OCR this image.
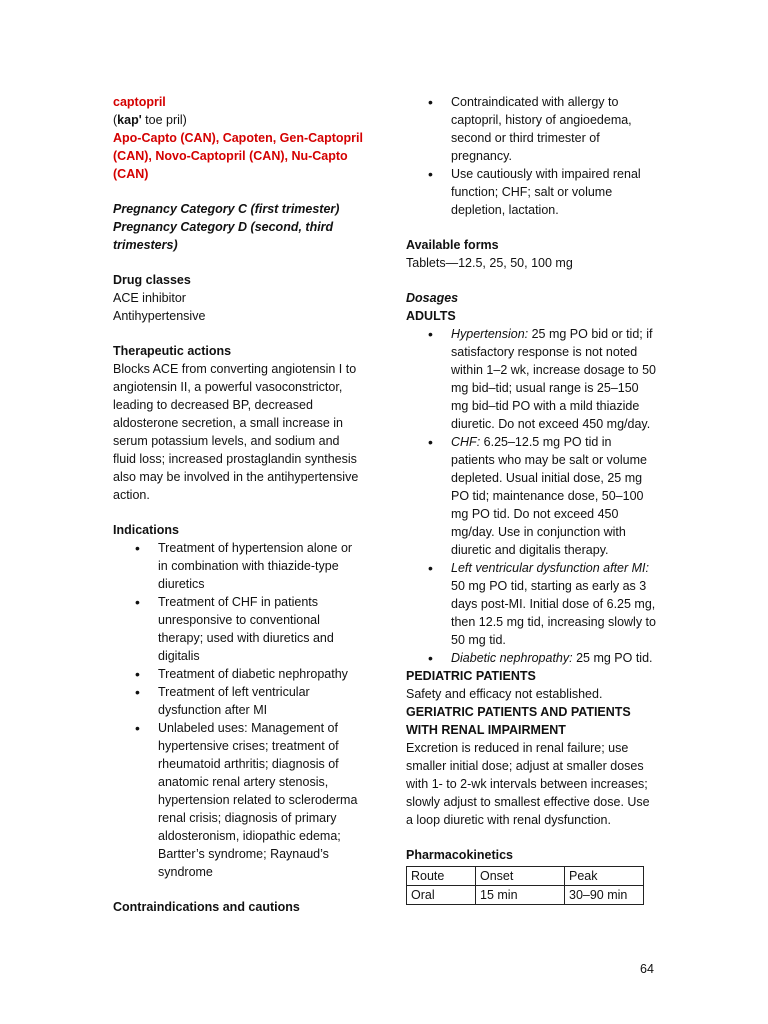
captopril

(kap' toe pril)

Apo-Capto (CAN), Capoten, Gen-Captopril (CAN), Novo-Captopril (CAN), Nu-Capto (CAN)

Pregnancy Category C (first trimester)

Pregnancy Category D (second, third trimesters)

Drug classes

ACE inhibitor

Antihypertensive

Therapeutic actions

Blocks ACE from converting angiotensin I to angiotensin II, a powerful vasoconstrictor, leading to decreased BP, decreased aldosterone secretion, a small increase in serum potassium levels, and sodium and fluid loss; increased prostaglandin synthesis also may be involved in the antihypertensive action.

Indications

• Treatment of hypertension alone or in combination with thiazide-type diuretics
• Treatment of CHF in patients unresponsive to conventional therapy; used with diuretics and digitalis
• Treatment of diabetic nephropathy
• Treatment of left ventricular dysfunction after MI
• Unlabeled uses: Management of hypertensive crises; treatment of rheumatoid arthritis; diagnosis of anatomic renal artery stenosis, hypertension related to scleroderma renal crisis; diagnosis of primary aldosteronism, idiopathic edema; Bartter’s syndrome; Raynaud’s syndrome

Contraindications and cautions

• Contraindicated with allergy to captopril, history of angioedema, second or third trimester of pregnancy.
• Use cautiously with impaired renal function; CHF; salt or volume depletion, lactation.

Available forms

Tablets—12.5, 25, 50, 100 mg

Dosages

ADULTS

• Hypertension: 25 mg PO bid or tid; if satisfactory response is not noted within 1–2 wk, increase dosage to 50 mg bid–tid; usual range is 25–150 mg bid–tid PO with a mild thiazide diuretic. Do not exceed 450 mg/day.
• CHF: 6.25–12.5 mg PO tid in patients who may be salt or volume depleted. Usual initial dose, 25 mg PO tid; maintenance dose, 50–100 mg PO tid. Do not exceed 450 mg/day. Use in conjunction with diuretic and digitalis therapy.
• Left ventricular dysfunction after MI: 50 mg PO tid, starting as early as 3 days post-MI. Initial dose of 6.25 mg, then 12.5 mg tid, increasing slowly to 50 mg tid.
• Diabetic nephropathy: 25 mg PO tid.

PEDIATRIC PATIENTS

Safety and efficacy not established.

GERIATRIC PATIENTS AND PATIENTS WITH RENAL IMPAIRMENT

Excretion is reduced in renal failure; use smaller initial dose; adjust at smaller doses with 1- to 2-wk intervals between increases; slowly adjust to smallest effective dose. Use a loop diuretic with renal dysfunction.

Pharmacokinetics

Route	Onset	Peak
Oral	15 min	30–90 min
64
